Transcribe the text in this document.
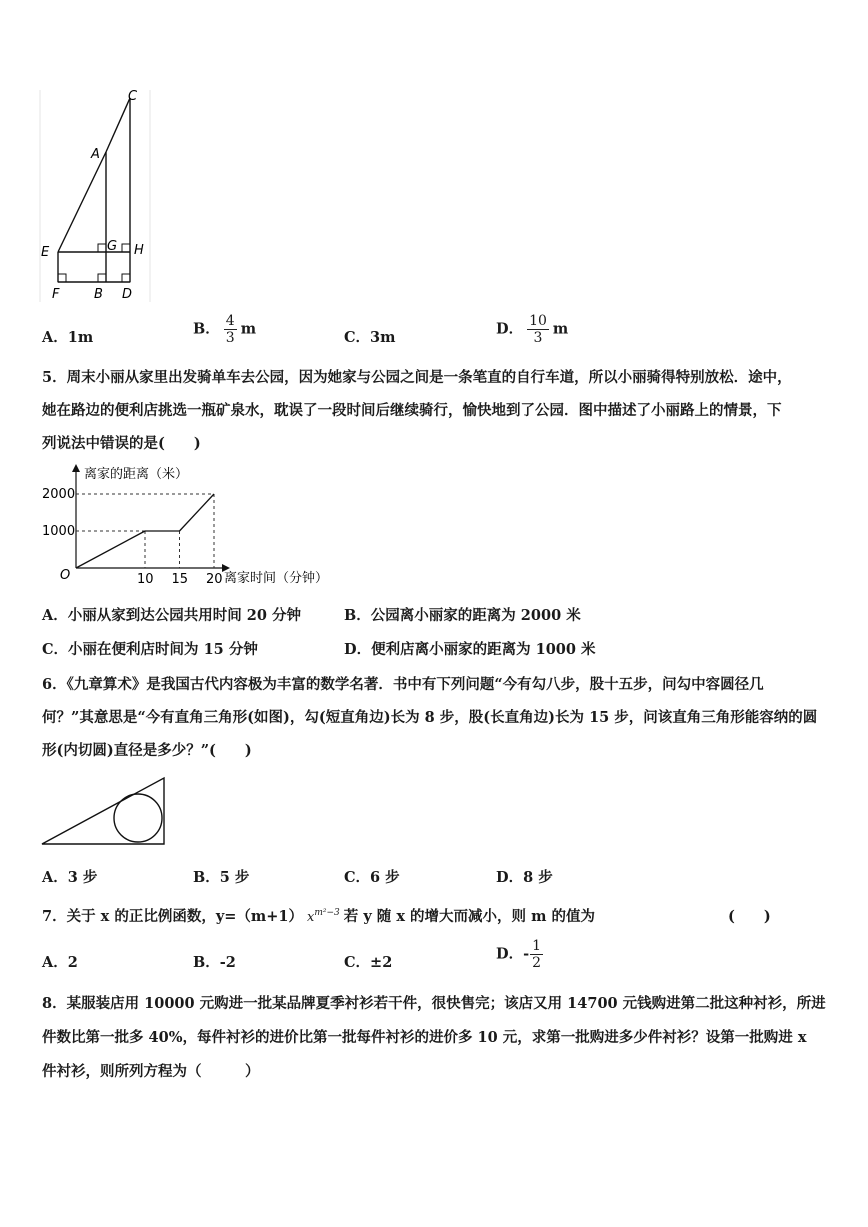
C
A
E	G H
F	B D
A．1m	B． $\frac{4}{3}$ m	C．3m	D． $\frac{10}{3}$ m
5．周末小丽从家里出发骑单车去公园，因为她家与公园之间是一条笔直的自行车道，所以小丽骑得特别放松．途中，
她在路边的便利店挑选一瓶矿泉水，耽误了一段时间后继续骑行，愉快地到了公园．图中描述了小丽路上的情景，下
列说法中错误的是(　　)
离家的距离（米）
离家时间（分钟）
O
1000
2000
10 15 20
A．小丽从家到达公园共用时间 20 分钟	B．公园离小丽家的距离为 2000 米
C．小丽在便利店时间为 15 分钟	D．便利店离小丽家的距离为 1000 米
6．《九章算术》是我国古代内容极为丰富的数学名著．书中有下列问题“今有勾八步，股十五步，问勾中容圆径几
何？”其意思是“今有直角三角形(如图)，勾(短直角边)长为 8 步，股(长直角边)长为 15 步，问该直角三角形能容纳的圆
形(内切圆)直径是多少？”(　　)
A．3 步	B．5 步	C．6 步	D．8 步
7．关于 x 的正比例函数，y=（m+1） $x^{m^2-3}$ 若 y 随 x 的增大而减小，则 m 的值为	(　　)
A．2	B．-2	C．±2	D．- $\frac{1}{2}$
8．某服装店用 10000 元购进一批某品牌夏季衬衫若干件，很快售完；该店又用 14700 元钱购进第二批这种衬衫，所进
件数比第一批多 40%，每件衬衫的进价比第一批每件衬衫的进价多 10 元，求第一批购进多少件衬衫？设第一批购进 x
件衬衫，则所列方程为（　　　）
